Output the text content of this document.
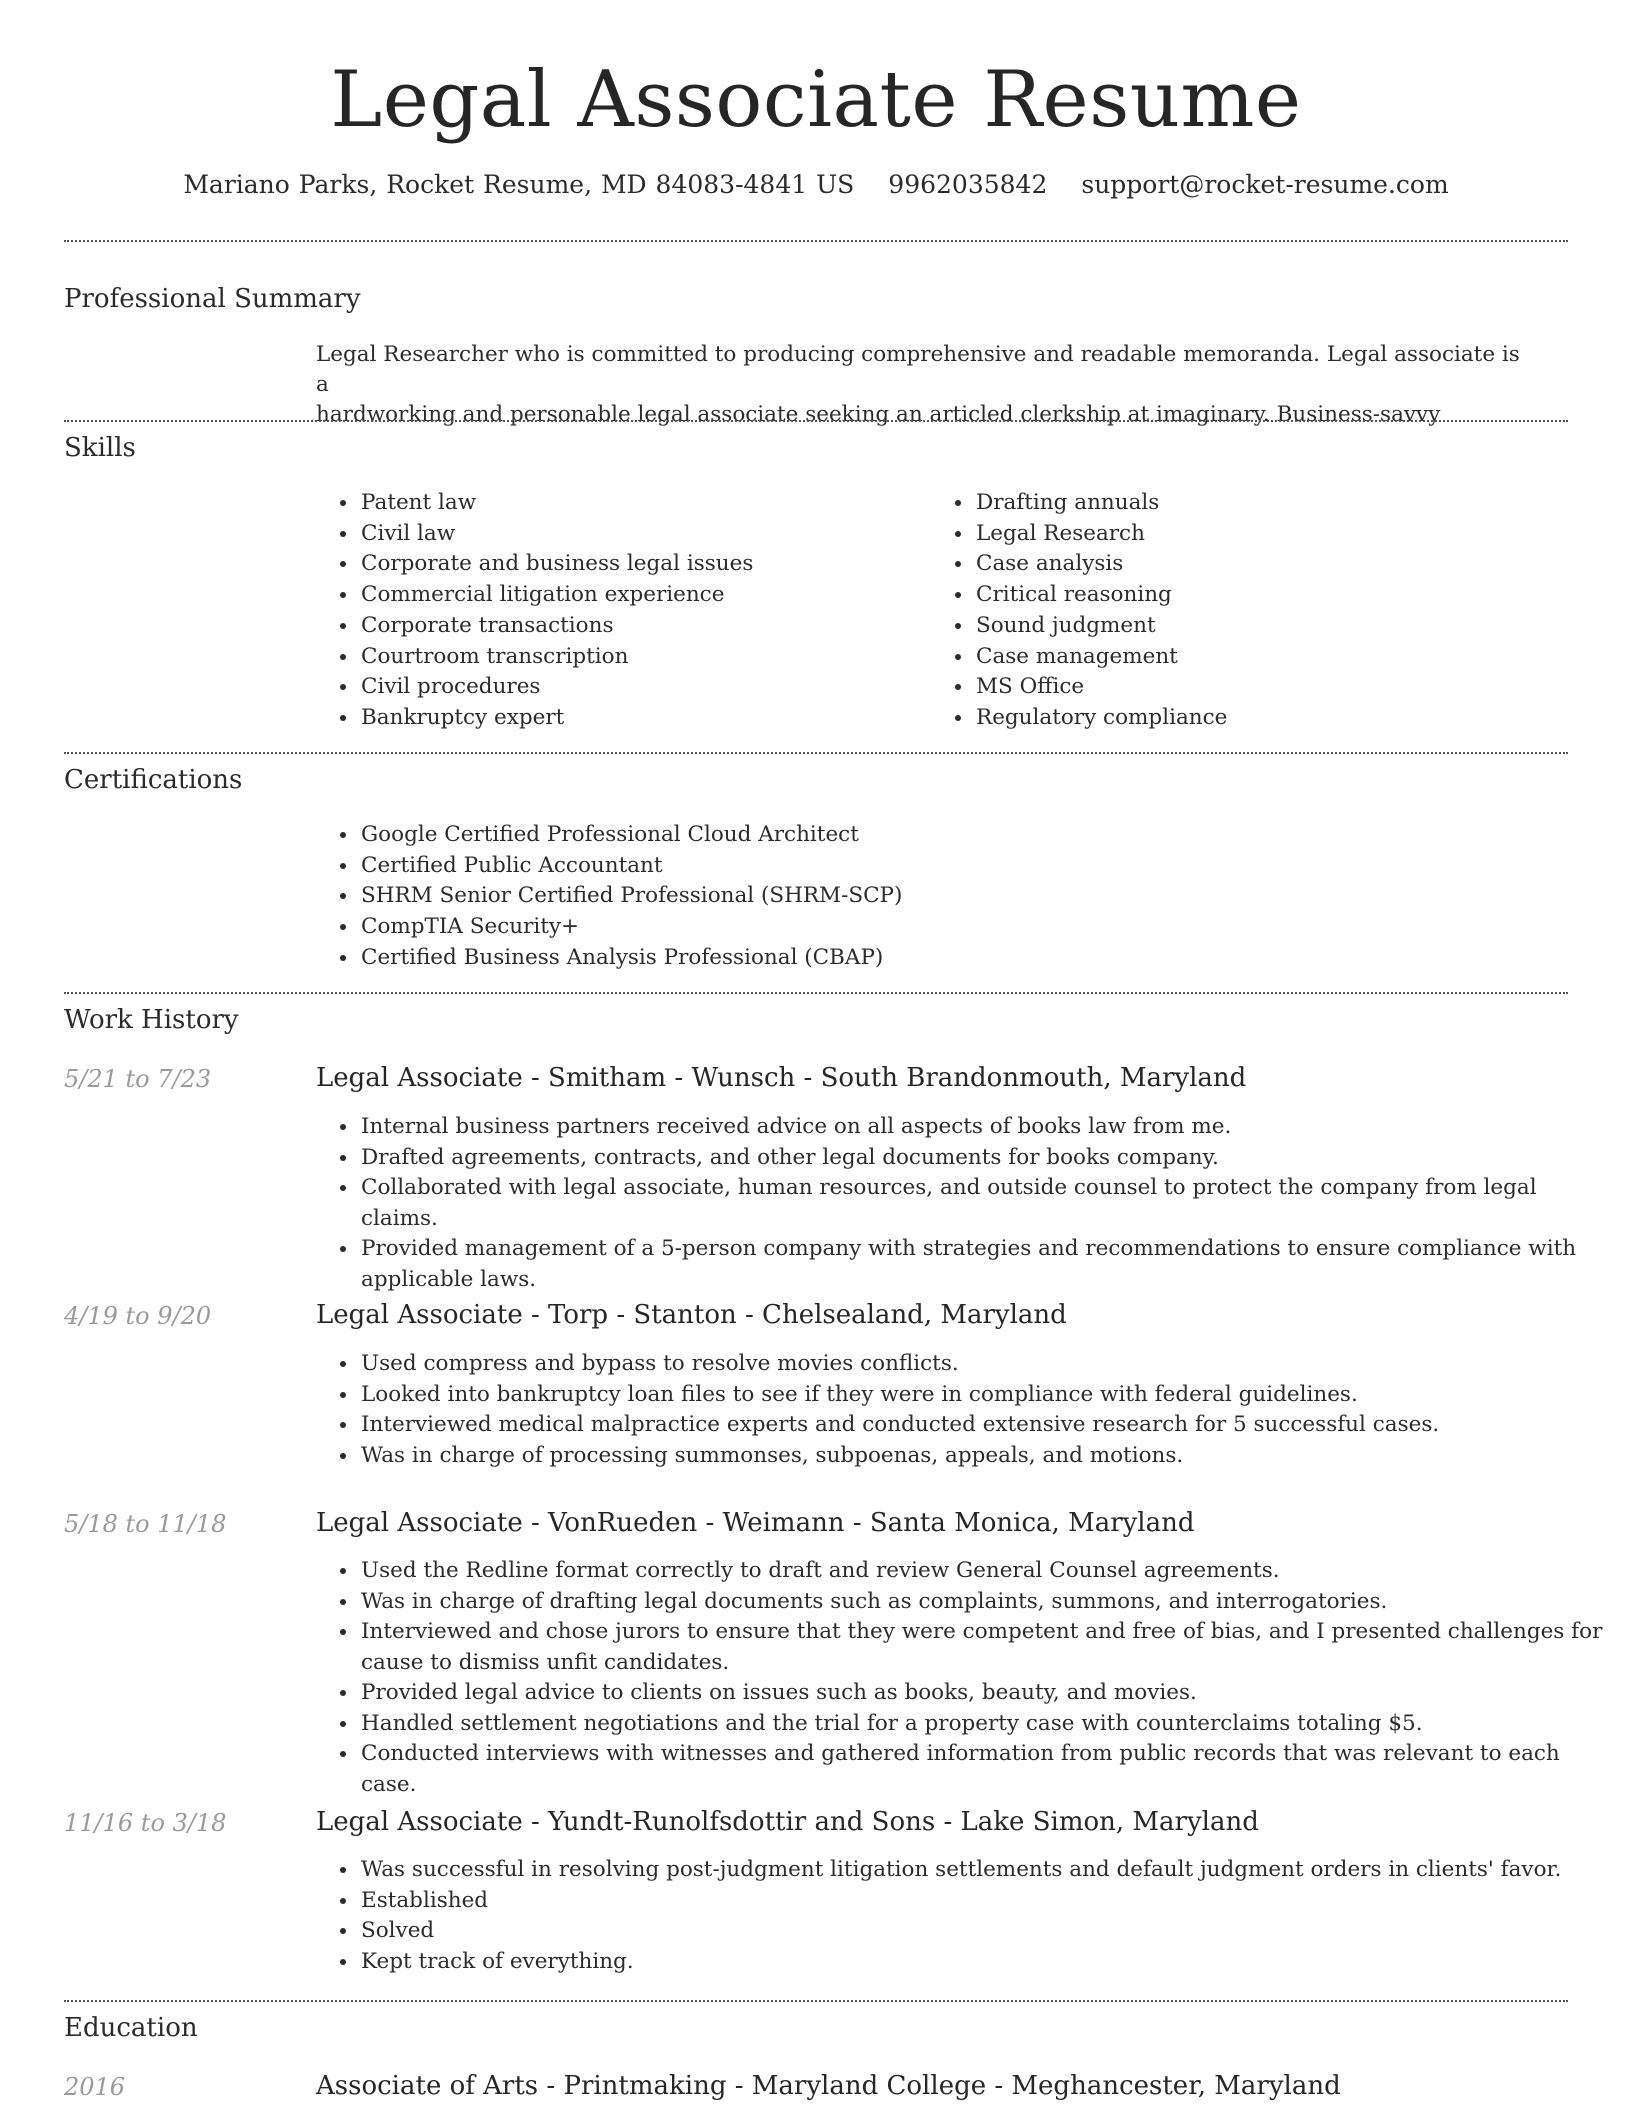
Legal Associate Resume
Mariano Parks, Rocket Resume, MD 84083-4841 US 9962035842 support@rocket-resume.com
Professional Summary
Legal Researcher who is committed to producing comprehensive and readable memoranda. Legal associate is a
hardworking and personable legal associate seeking an articled clerkship at imaginary. Business-savvy
Skills
• Patent law
• Civil law
• Corporate and business legal issues
• Commercial litigation experience
• Corporate transactions
• Courtroom transcription
• Civil procedures
• Bankruptcy expert
• Drafting annuals
• Legal Research
• Case analysis
• Critical reasoning
• Sound judgment
• Case management
• MS Office
• Regulatory compliance
Certifications
• Google Certified Professional Cloud Architect
• Certified Public Accountant
• SHRM Senior Certified Professional (SHRM-SCP)
• CompTIA Security+
• Certified Business Analysis Professional (CBAP)
Work History
5/21 to 7/23	Legal Associate - Smitham - Wunsch - South Brandonmouth, Maryland
• Internal business partners received advice on all aspects of books law from me.
• Drafted agreements, contracts, and other legal documents for books company.
• Collaborated with legal associate, human resources, and outside counsel to protect the company from legal claims.
• Provided management of a 5-person company with strategies and recommendations to ensure compliance with applicable laws.
4/19 to 9/20	Legal Associate - Torp - Stanton - Chelsealand, Maryland
• Used compress and bypass to resolve movies conflicts.
• Looked into bankruptcy loan files to see if they were in compliance with federal guidelines.
• Interviewed medical malpractice experts and conducted extensive research for 5 successful cases.
• Was in charge of processing summonses, subpoenas, appeals, and motions.
5/18 to 11/18	Legal Associate - VonRueden - Weimann - Santa Monica, Maryland
• Used the Redline format correctly to draft and review General Counsel agreements.
• Was in charge of drafting legal documents such as complaints, summons, and interrogatories.
• Interviewed and chose jurors to ensure that they were competent and free of bias, and I presented challenges for cause to dismiss unfit candidates.
• Provided legal advice to clients on issues such as books, beauty, and movies.
• Handled settlement negotiations and the trial for a property case with counterclaims totaling $5.
• Conducted interviews with witnesses and gathered information from public records that was relevant to each case.
11/16 to 3/18	Legal Associate - Yundt-Runolfsdottir and Sons - Lake Simon, Maryland
• Was successful in resolving post-judgment litigation settlements and default judgment orders in clients' favor.
• Established
• Solved
• Kept track of everything.
Education
2016	Associate of Arts - Printmaking - Maryland College - Meghancester, Maryland
